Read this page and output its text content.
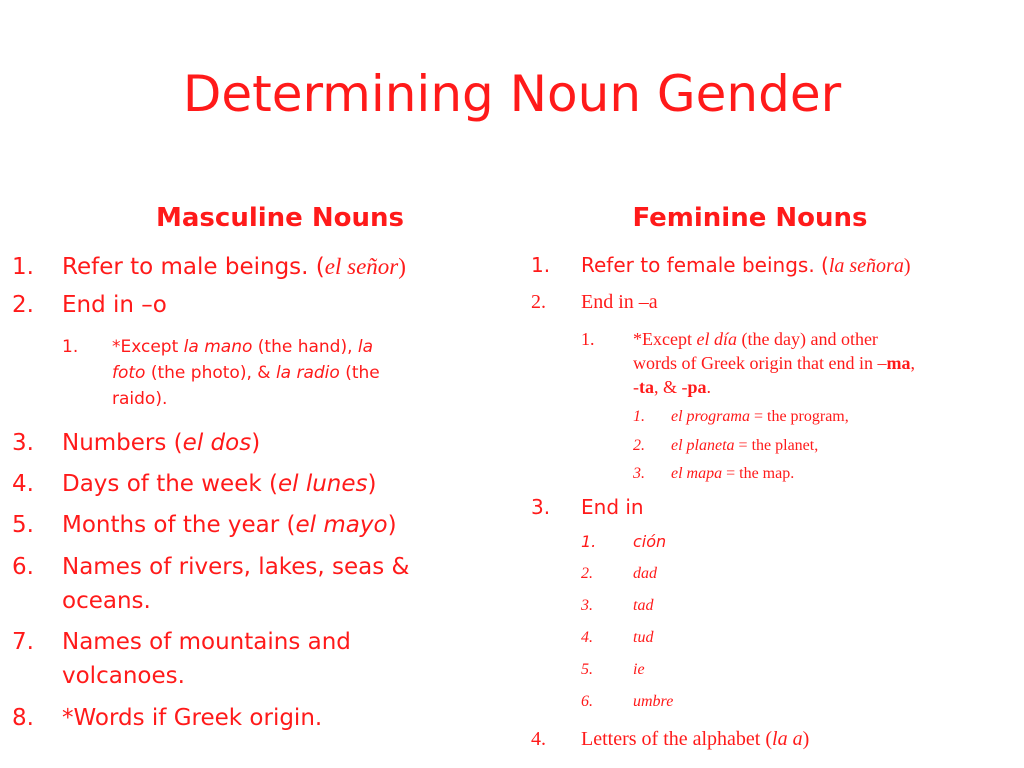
Determining Noun Gender
Masculine Nouns
1. Refer to male beings. (el señor)
2. End in –o
1. *Except la mano (the hand), la
foto (the photo), & la radio (the
raido).
3. Numbers (el dos)
4. Days of the week (el lunes)
5. Months of the year (el mayo)
6. Names of rivers, lakes, seas &
oceans.
7. Names of mountains and
volcanoes.
8. *Words if Greek origin.
Feminine Nouns
1. Refer to female beings. (la señora)
2. End in –a
1. *Except el día (the day) and other
words of Greek origin that end in –ma,
-ta, & -pa.
1. el programa = the program,
2. el planeta = the planet,
3. el mapa = the map.
3. End in
1. ción
2.	dad
3.	tad
4.	tud
5.	ie
6.	umbre
4. Letters of the alphabet (la a)
